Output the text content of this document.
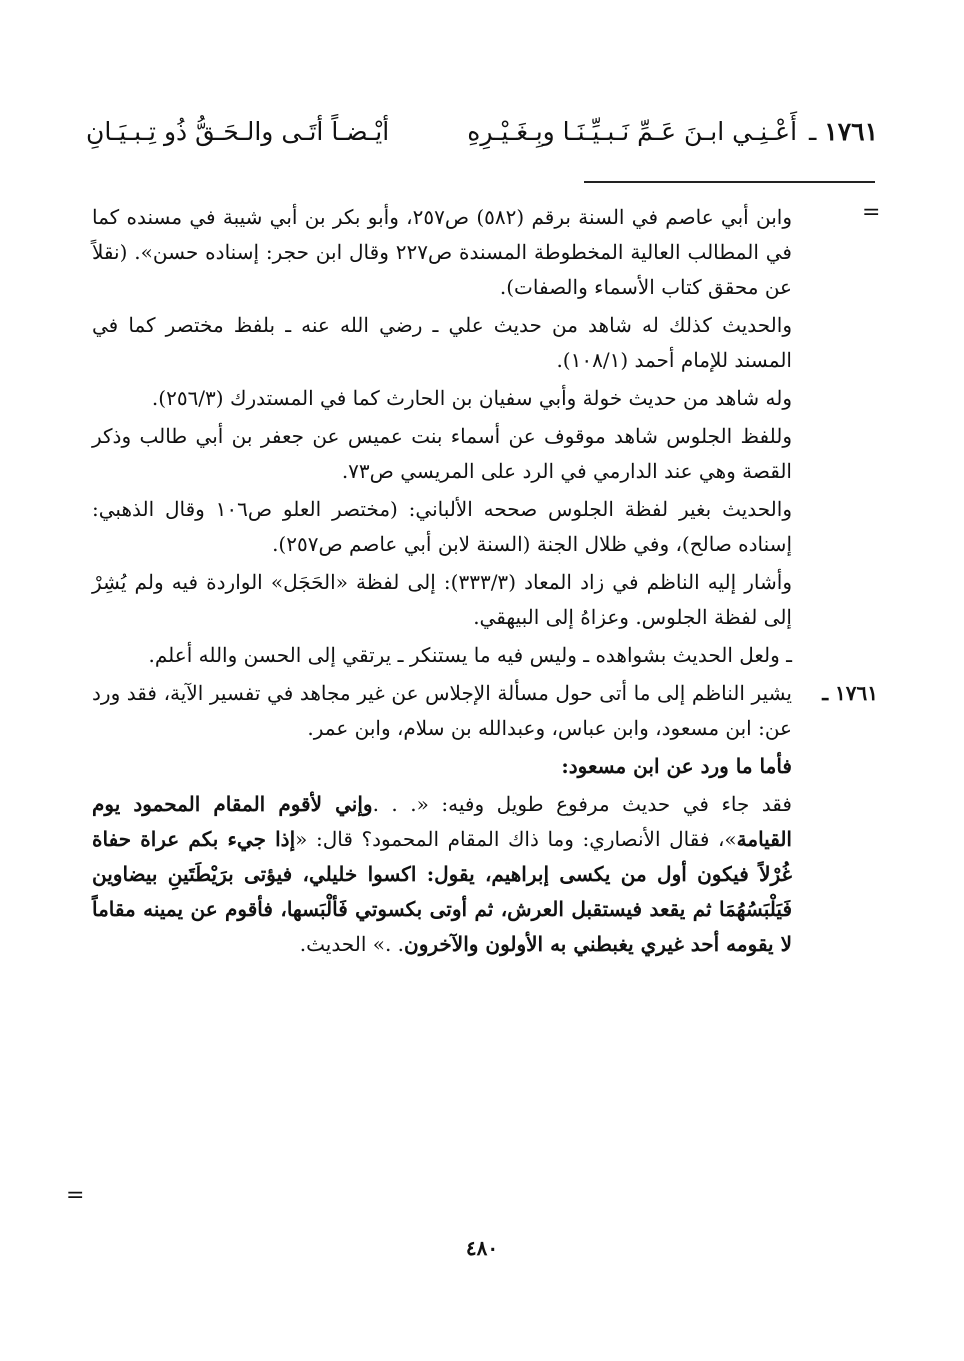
١٧٦١ ـ أَعْـنِـي ابـنَ عَـمِّ نَـبـيِّـنَـا وبِـغَـيْـرِهِ
أيْـضـاً أتَـى والـحَـقُّ ذُو تِـبـيَـانِ
=

وابن أبي عاصم في السنة برقم (٥٨٢) ص٢٥٧، وأبو بكر بن أبي شيبة في مسنده كما في المطالب العالية المخطوطة المسندة ص٢٢٧ وقال ابن حجر: إسناده حسن». (نقلاً عن محقق كتاب الأسماء والصفات).

والحديث كذلك له شاهد من حديث علي ـ رضي الله عنه ـ بلفظ مختصر كما في المسند للإمام أحمد (١٠٨/١).

وله شاهد من حديث خولة وأبي سفيان بن الحارث كما في المستدرك (٢٥٦/٣).

وللفظ الجلوس شاهد موقوف عن أسماء بنت عميس عن جعفر بن أبي طالب وذكر القصة وهي عند الدارمي في الرد على المريسي ص٧٣.

والحديث بغير لفظة الجلوس صححه الألباني: (مختصر العلو ص١٠٦ وقال الذهبي: إسناده صالح)، وفي ظلال الجنة (السنة لابن أبي عاصم ص٢٥٧).

وأشار إليه الناظم في زاد المعاد (٣٣٣/٣): إلى لفظة «الحَجَل» الواردة فيه ولم يُشِرْ إلى لفظة الجلوس. وعزاهُ إلى البيهقي.

ـ ولعل الحديث بشواهده ـ وليس فيه ما يستنكر ـ يرتقي إلى الحسن والله أعلم.

يشير الناظم إلى ما أتى حول مسألة الإجلاس عن غير مجاهد في تفسير الآية، فقد ورد عن: ابن مسعود، وابن عباس، وعبدالله بن سلام، وابن عمر.

فأما ما ورد عن ابن مسعود:

فقد جاء في حديث مرفوع طويل وفيه: «. . .وإني لأقوم المقام المحمود يوم القيامة»، فقال الأنصاري: وما ذاك المقام المحمود؟ قال: «إذا جيء بكم عراة حفاة غُرْلاً فيكون أول من يكسى إبراهيم، يقول: اكسوا خليلي، فيؤتى برَيْطَتَينِ بيضاوين فَيَلْبَسُهُمَا ثم يقعد فيستقبل العرش، ثم أوتى بكسوتي فَألْبَسها، فأقوم عن يمينه مقاماً لا يقومه أحد غيري يغبطني به الأولون والآخرون. .» الحديث.

١٧٦١ ـ
=
٤٨٠
